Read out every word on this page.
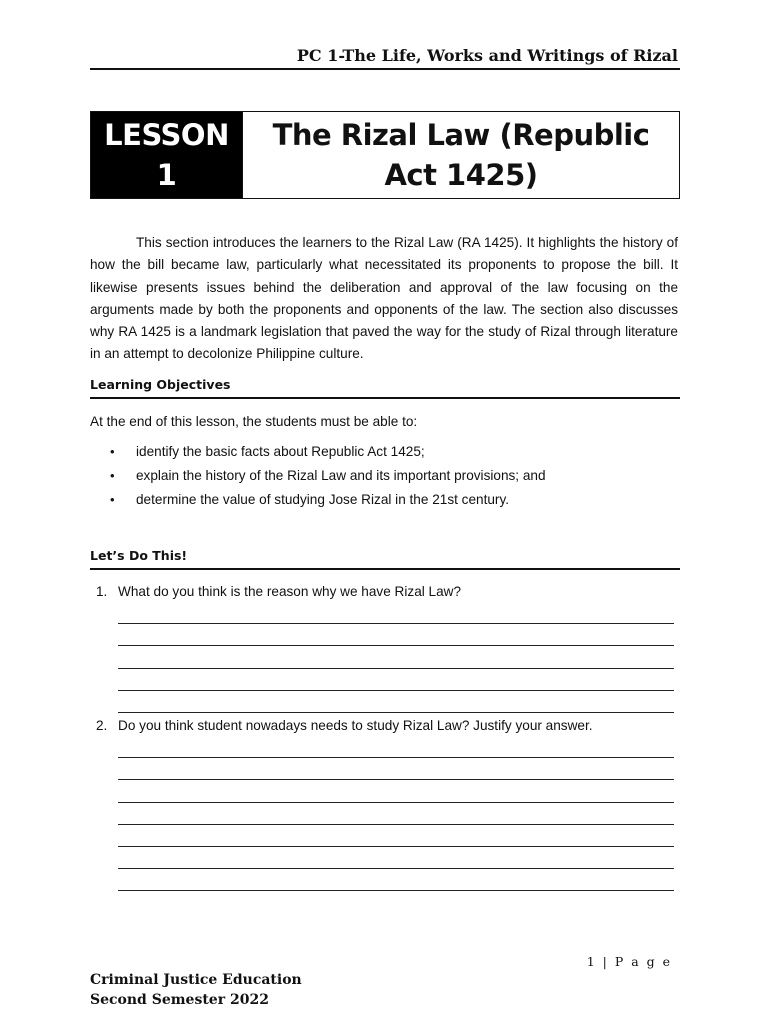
PC 1-The Life, Works and Writings of Rizal
LESSON
1
The Rizal Law (Republic Act 1425)

This section introduces the learners to the Rizal Law (RA 1425). It highlights the history of how the bill became law, particularly what necessitated its proponents to propose the bill. It likewise presents issues behind the deliberation and approval of the law focusing on the arguments made by both the proponents and opponents of the law. The section also discusses why RA 1425 is a landmark legislation that paved the way for the study of Rizal through literature in an attempt to decolonize Philippine culture.

Learning Objectives
At the end of this lesson, the students must be able to:
•	identify the basic facts about Republic Act 1425;
•	explain the history of the Rizal Law and its important provisions; and
•	determine the value of studying Jose Rizal in the 21st century.
Let’s Do This!
1. What do you think is the reason why we have Rizal Law?
2. Do you think student nowadays needs to study Rizal Law? Justify your answer.
1 | P a g e
Criminal Justice Education
Second Semester 2022
